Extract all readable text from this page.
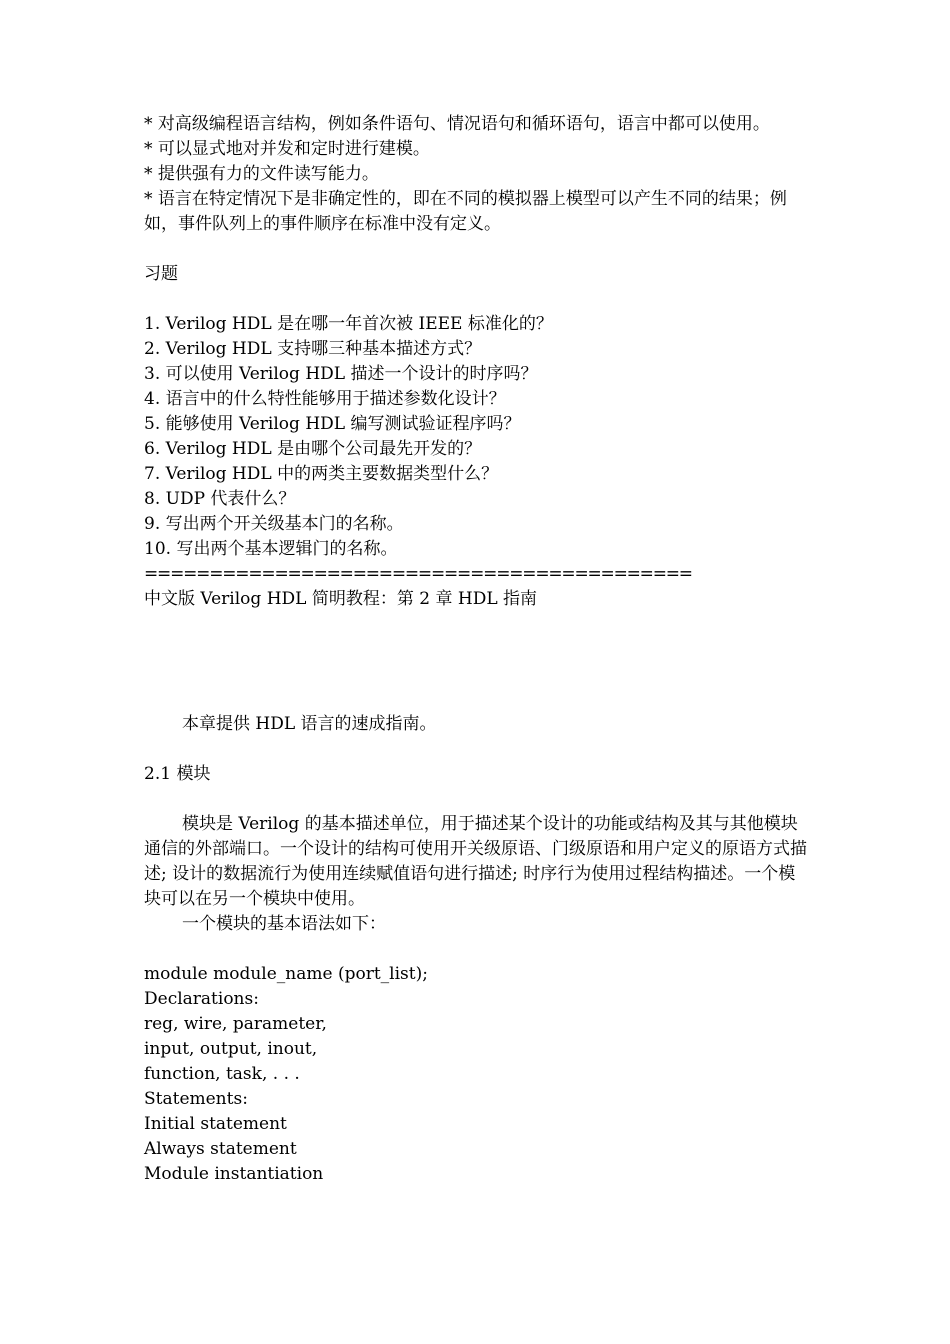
* 对高级编程语言结构，例如条件语句、情况语句和循环语句，语言中都可以使用。

* 可以显式地对并发和定时进行建模。

* 提供强有力的文件读写能力。

* 语言在特定情况下是非确定性的，即在不同的模拟器上模型可以产生不同的结果；例如，事件队列上的事件顺序在标准中没有定义。

习题

1. Verilog HDL 是在哪一年首次被 IEEE 标准化的？

2. Verilog HDL 支持哪三种基本描述方式？

3. 可以使用 Verilog HDL 描述一个设计的时序吗？

4. 语言中的什么特性能够用于描述参数化设计？

5. 能够使用 Verilog HDL 编写测试验证程序吗？

6. Verilog HDL 是由哪个公司最先开发的？

7. Verilog HDL 中的两类主要数据类型什么？

8. UDP 代表什么？

9. 写出两个开关级基本门的名称。

10. 写出两个基本逻辑门的名称。

==========================================

中文版 Verilog HDL 简明教程：第 2 章 HDL 指南

本章提供 HDL 语言的速成指南。

2.1 模块

模块是 Verilog 的基本描述单位，用于描述某个设计的功能或结构及其与其他模块通信的外部端口。一个设计的结构可使用开关级原语、门级原语和用户定义的原语方式描述; 设计的数据流行为使用连续赋值语句进行描述; 时序行为使用过程结构描述。一个模块可以在另一个模块中使用。

一个模块的基本语法如下：

module module_name (port_list);

Declarations:

reg, wire, parameter,

input, output, inout,

function, task, . . .

Statements:

Initial statement

Always statement

Module instantiation
